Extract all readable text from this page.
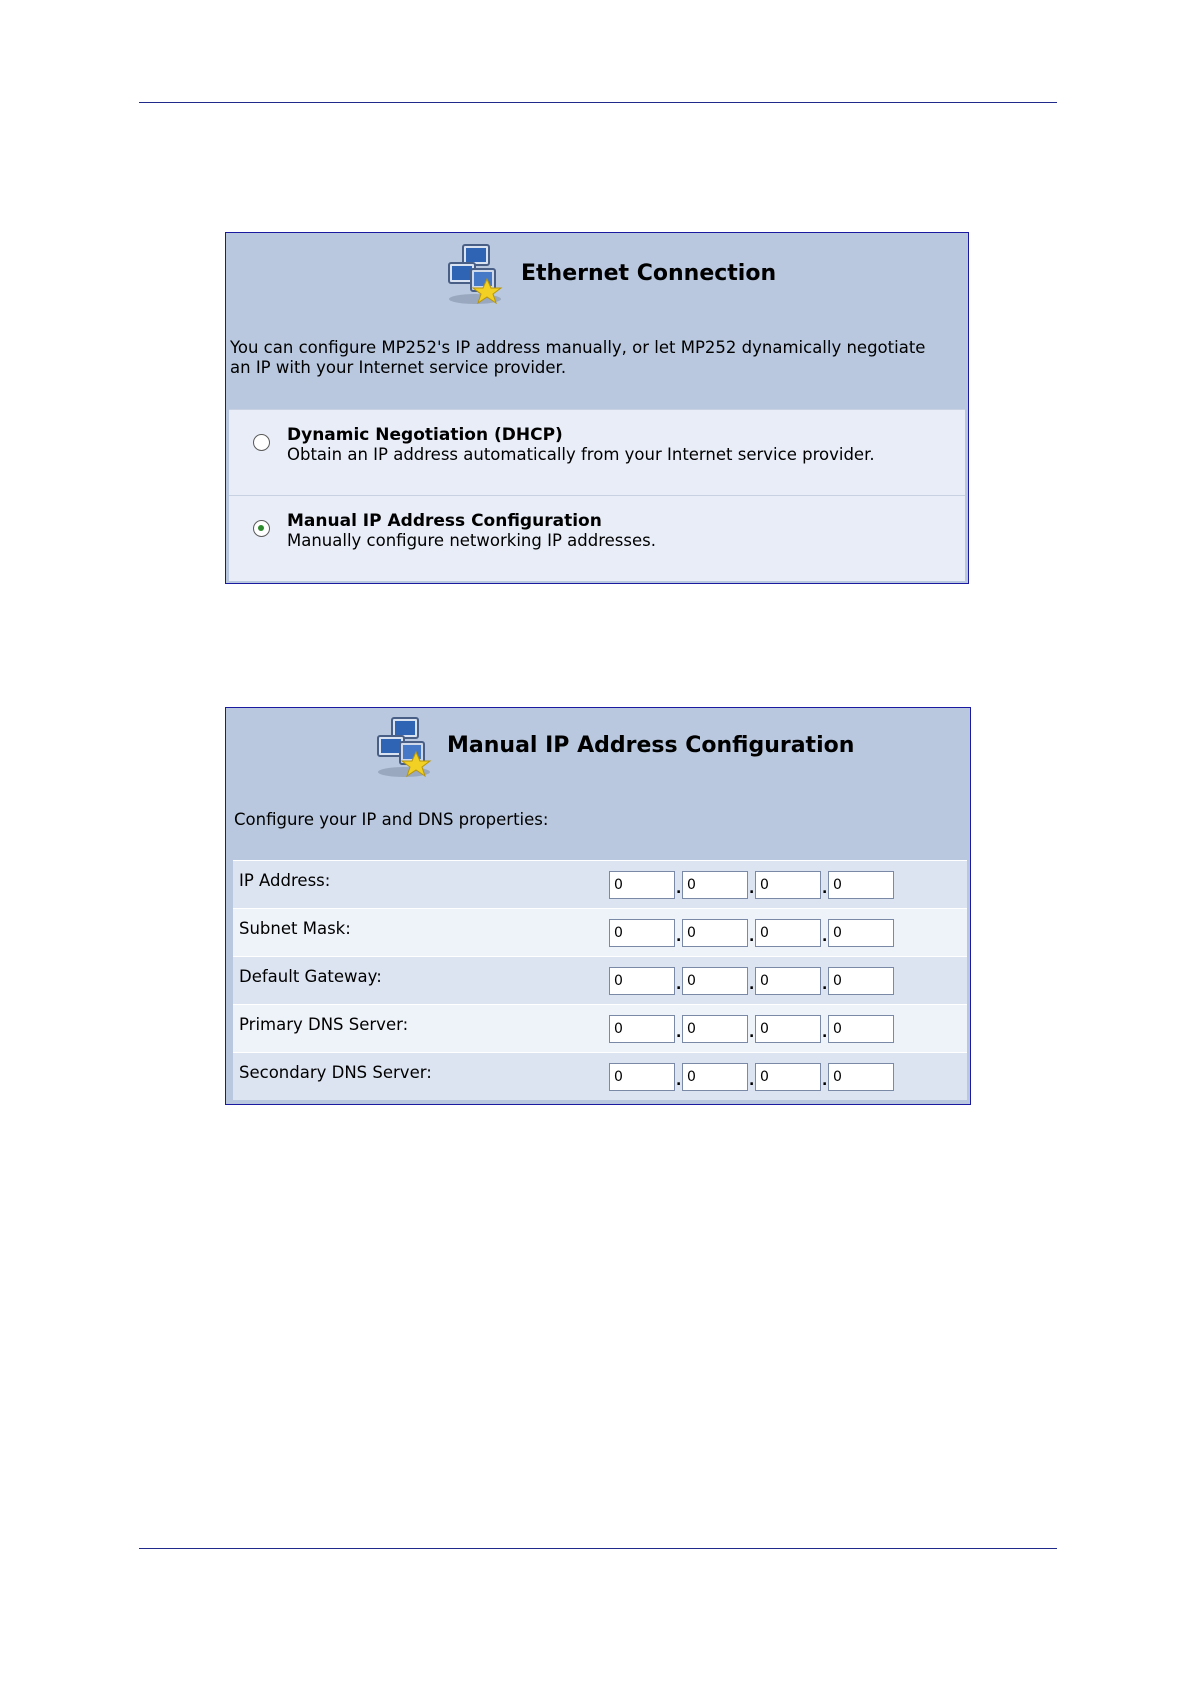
Ethernet Connection
You can configure MP252's IP address manually, or let MP252 dynamically negotiate
an IP with your Internet service provider.
Dynamic Negotiation (DHCP)
Obtain an IP address automatically from your Internet service provider.
Manual IP Address Configuration
Manually configure networking IP addresses.
Manual IP Address Configuration
Configure your IP and DNS properties:
IP Address:
0	.
0	.
0	.
0
Subnet Mask:
0	.
0	.
0	.
0
Default Gateway:
0	.
0	.
0	.
0
Primary DNS Server:
0	.
0	.
0	.
0
Secondary DNS Server:
0	.
0	.
0	.
0
